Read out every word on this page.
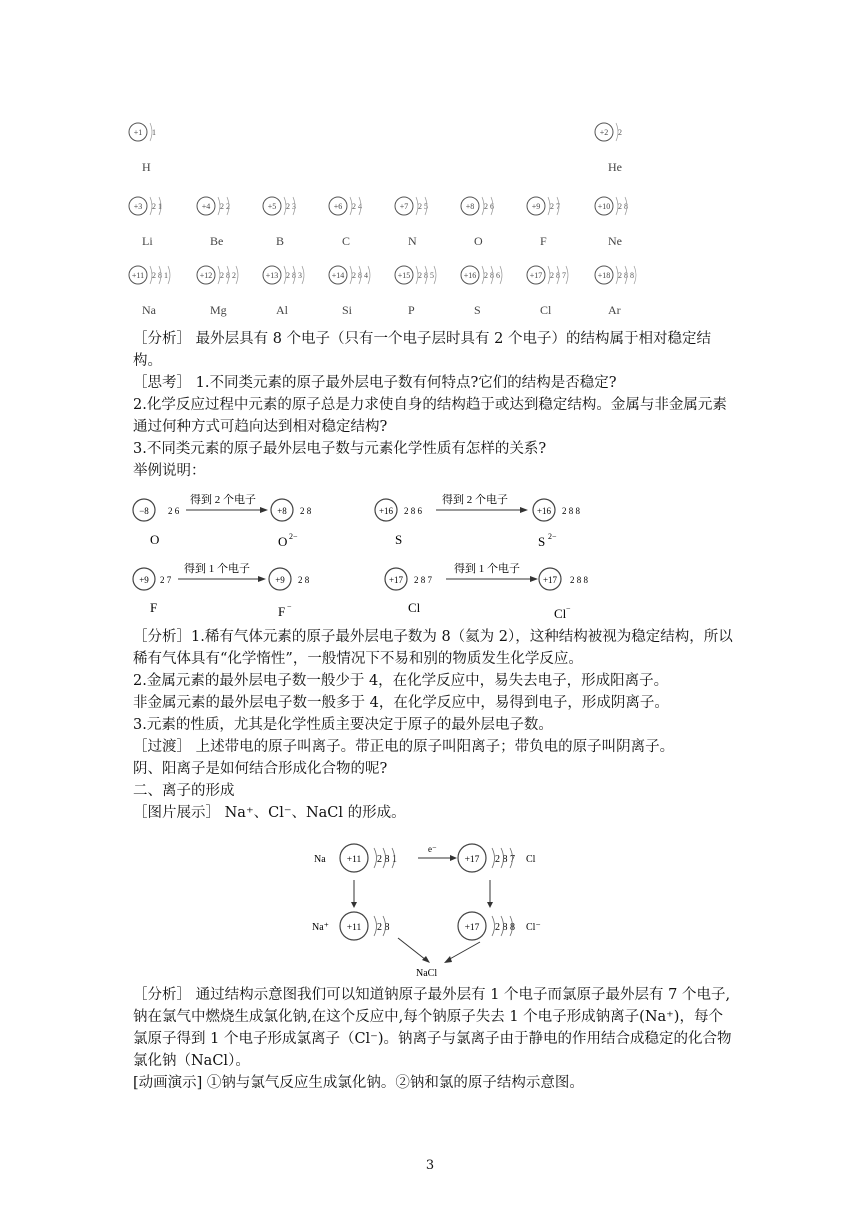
+1 1
H
+2 2
He
+3 2 1
Li
+4 2 2
Be
+5 2 3
B
+6 2 4
C
+7 2 5
N
+8 2 6
O
+9 2 7
F
+10 2 8
Ne
+11 2 8 1
Na
+12 2 8 2
Mg
+13 2 8 3
Al
+14 2 8 4
Si
+15 2 8 5
P
+16 2 8 6
S
+17 2 8 7
Cl
+18 2 8 8
Ar

［分析］ 最外层具有 8 个电子（只有一个电子层时具有 2 个电子）的结构属于相对稳定结构。

［思考］ 1.不同类元素的原子最外层电子数有何特点?它们的结构是否稳定?

2.化学反应过程中元素的原子总是力求使自身的结构趋于或达到稳定结构。金属与非金属元素通过何种方式可趋向达到相对稳定结构?

3.不同类元素的原子最外层电子数与元素化学性质有怎样的关系?

举例说明：

−8 2 6
得到 2 个电子
+8 2 8
O	O 2−
+16 2 8 6
得到 2 个电子
+16 2 8 8
S	S 2−
+9 2 7
得到 1 个电子
+9 2 8
F	F −
+17 2 8 7
得到 1 个电子
+17 2 8 8
Cl	Cl −

［分析］1.稀有气体元素的原子最外层电子数为 8（氦为 2），这种结构被视为稳定结构，所以稀有气体具有“化学惰性”，一般情况下不易和别的物质发生化学反应。

2.金属元素的最外层电子数一般少于 4，在化学反应中，易失去电子，形成阳离子。

非金属元素的最外层电子数一般多于 4，在化学反应中，易得到电子，形成阴离子。

3.元素的性质，尤其是化学性质主要决定于原子的最外层电子数。

［过渡］ 上述带电的原子叫离子。带正电的原子叫阳离子；带负电的原子叫阴离子。

阴、阳离子是如何结合形成化合物的呢?

二、离子的形成

［图片展示］ Na⁺、Cl⁻、NaCl 的形成。

Na +11 2 8 1
e⁻
+17 2 8 7 Cl
Na⁺ +11 2 8	+17 2 8 8 Cl⁻
NaCl

［分析］ 通过结构示意图我们可以知道钠原子最外层有 1 个电子而氯原子最外层有 7 个电子,钠在氯气中燃烧生成氯化钠,在这个反应中,每个钠原子失去 1 个电子形成钠离子(Na⁺)，每个氯原子得到 1 个电子形成氯离子（Cl⁻)。钠离子与氯离子由于静电的作用结合成稳定的化合物氯化钠（NaCl）。

[动画演示] ①钠与氯气反应生成氯化钠。②钠和氯的原子结构示意图。

3
